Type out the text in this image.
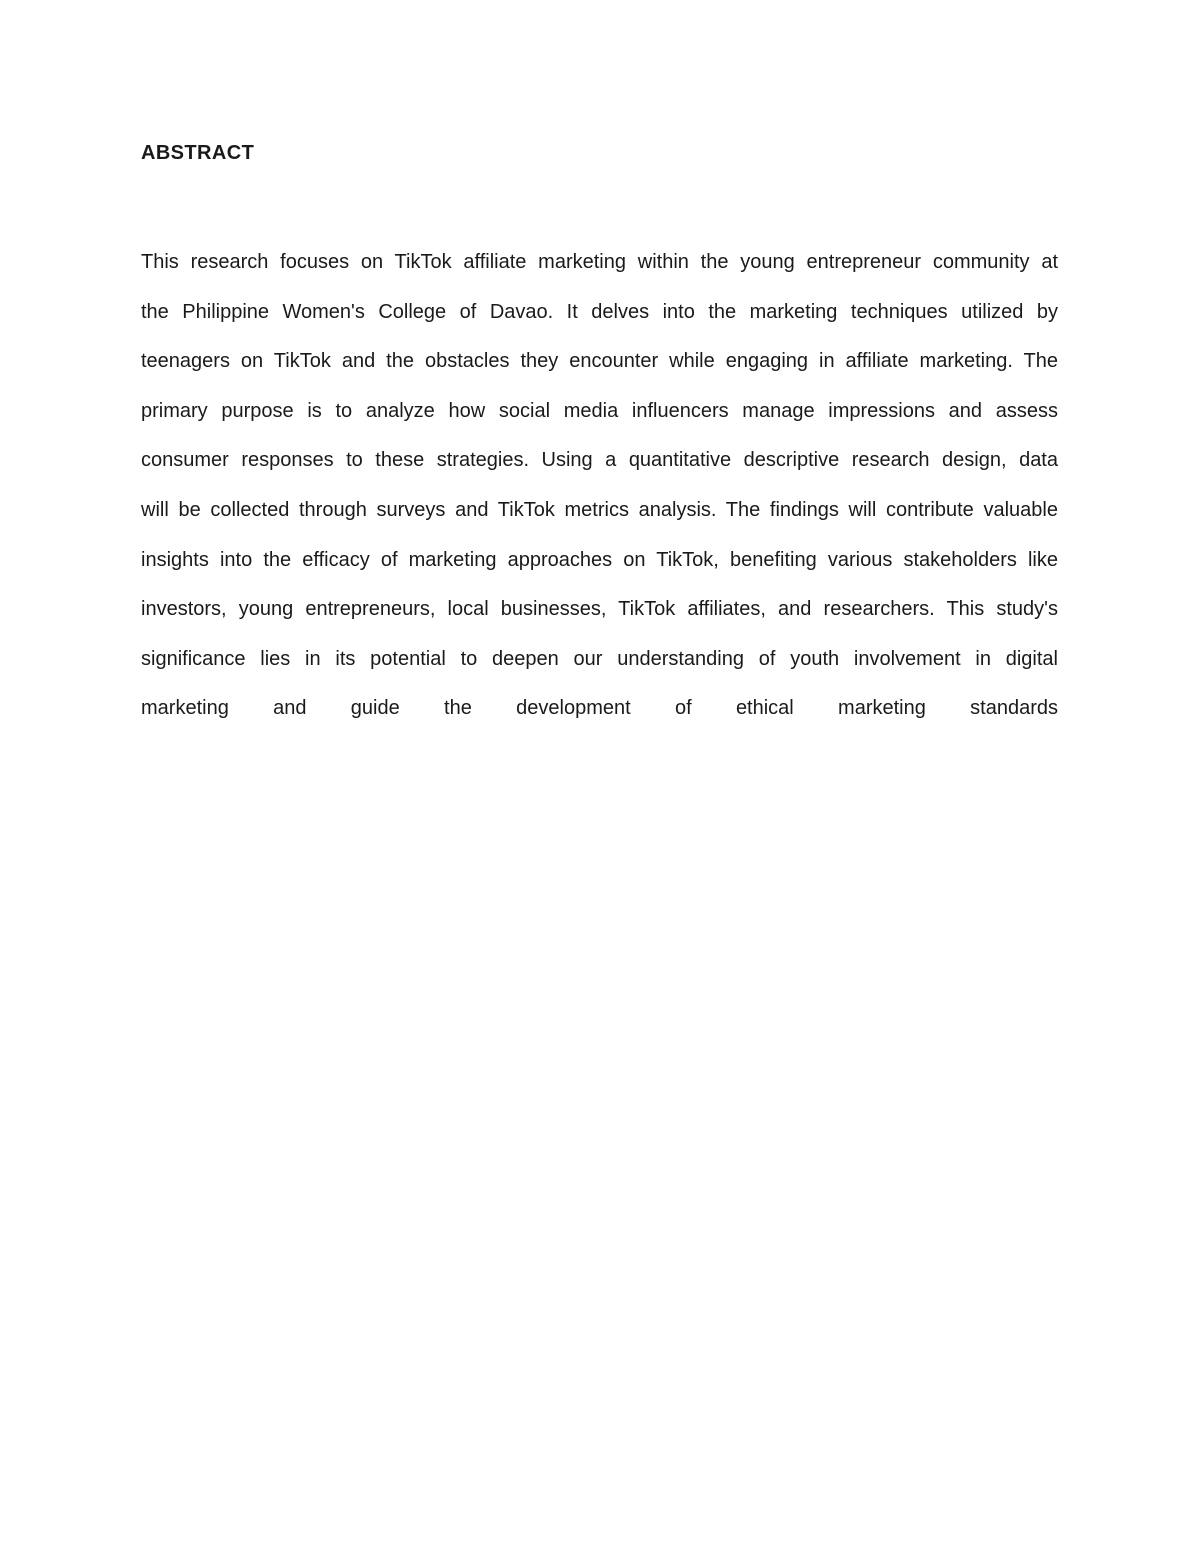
ABSTRACT
This research focuses on TikTok affiliate marketing within the young entrepreneur community at
the Philippine Women's College of Davao. It delves into the marketing techniques utilized by
teenagers on TikTok and the obstacles they encounter while engaging in affiliate marketing. The
primary purpose is to analyze how social media influencers manage impressions and assess
consumer responses to these strategies. Using a quantitative descriptive research design, data
will be collected through surveys and TikTok metrics analysis. The findings will contribute valuable
insights into the efficacy of marketing approaches on TikTok, benefiting various stakeholders like
investors, young entrepreneurs, local businesses, TikTok affiliates, and researchers. This study's
significance lies in its potential to deepen our understanding of youth involvement in digital
marketing and guide the development of ethical marketing standards
